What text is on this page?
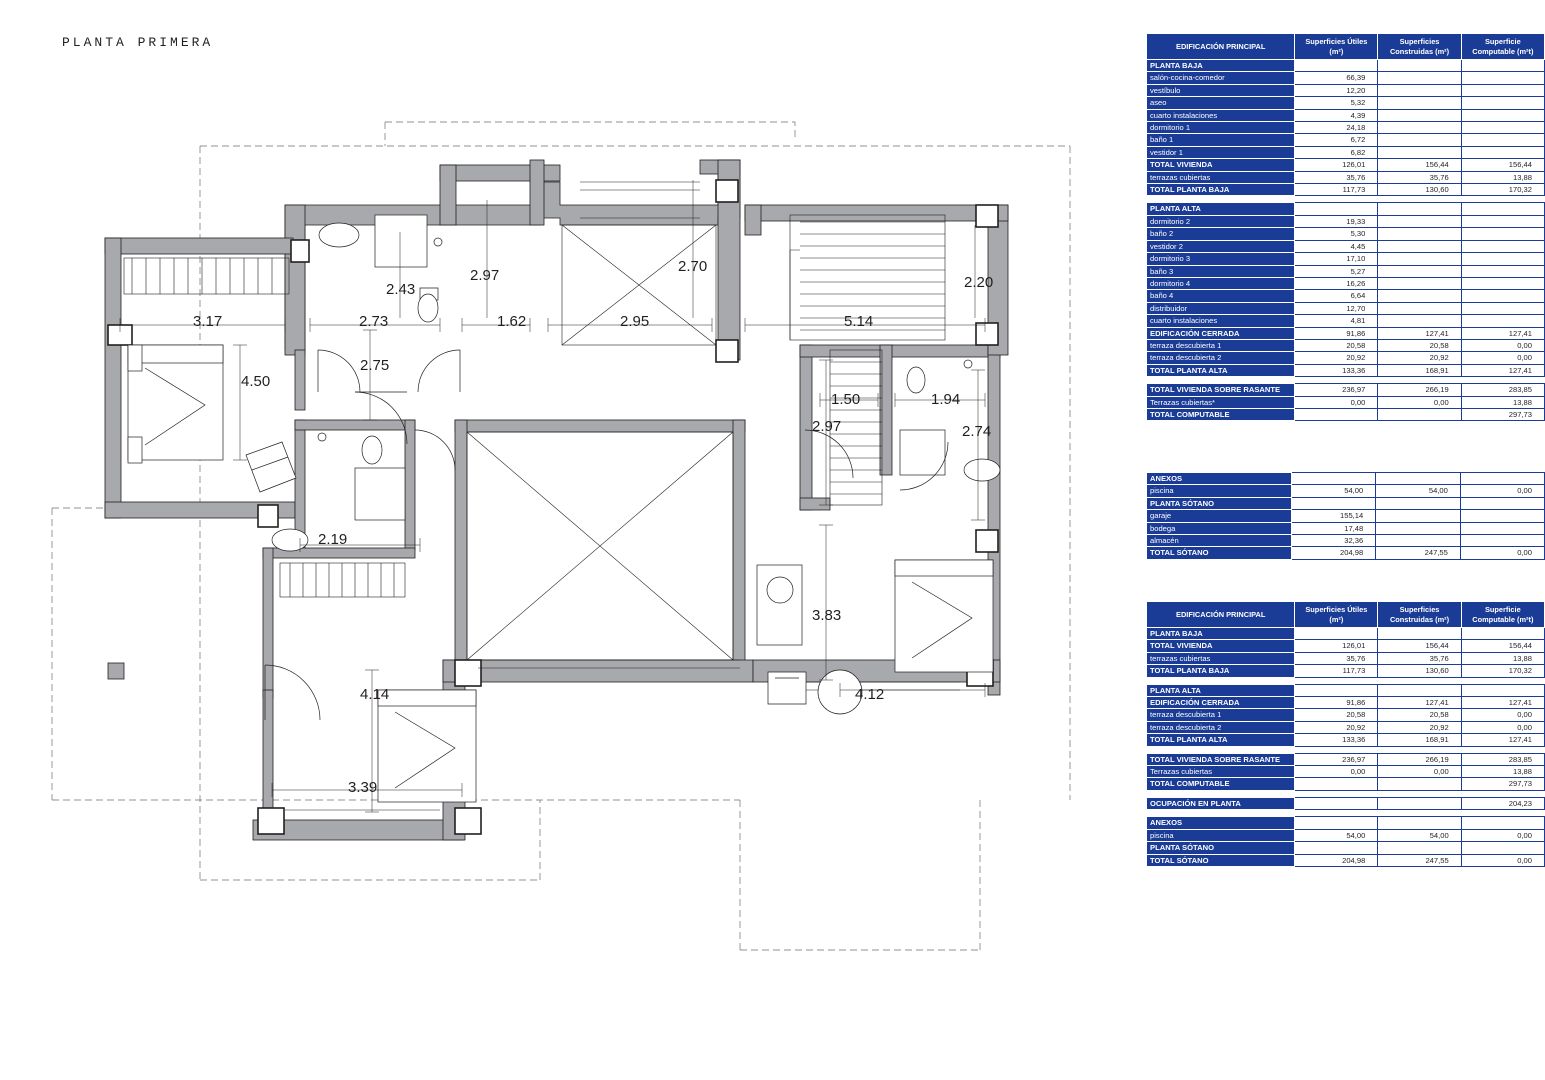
PLANTA PRIMERA
3.17	2.73
2.43
2.97
1.62	2.95
2.70
5.14
2.20
4.50
2.75
2.19
1.50	1.94
2.97	2.74
3.83
4.14	4.12
3.39
EDIFICACIÓN PRINCIPAL	Superficies Útiles (m²)	Superficies Construidas (m²)	Superficie Computable (m²t)
PLANTA BAJA			
salón-cocina-comedor	66,39		
vestíbulo	12,20		
aseo	5,32		
cuarto instalaciones	4,39		
dormitorio 1	24,18		
baño 1	6,72		
vestidor 1	6,82		
TOTAL VIVIENDA	126,01	156,44	156,44
terrazas cubiertas	35,76	35,76	13,88
TOTAL PLANTA BAJA	117,73	130,60	170,32

PLANTA ALTA			
dormitorio 2	19,33		
baño 2	5,30		
vestidor 2	4,45		
dormitorio 3	17,10		
baño 3	5,27		
dormitorio 4	16,26		
baño 4	6,64		
distribuidor	12,70		
cuarto instalaciones	4,81		
EDIFICACIÓN CERRADA	91,86	127,41	127,41
terraza descubierta 1	20,58	20,58	0,00
terraza descubierta 2	20,92	20,92	0,00
TOTAL PLANTA ALTA	133,36	168,91	127,41

TOTAL VIVIENDA SOBRE RASANTE	236,97	266,19	283,85
Terrazas cubiertas*	0,00	0,00	13,88
TOTAL COMPUTABLE			297,73
ANEXOS			
piscina	54,00	54,00	0,00
PLANTA SÓTANO			
garaje	155,14		
bodega	17,48		
almacén	32,36		
TOTAL SÓTANO	204,98	247,55	0,00
EDIFICACIÓN PRINCIPAL	Superficies Útiles (m²)	Superficies Construidas (m²)	Superficie Computable (m²t)
PLANTA BAJA			
TOTAL VIVIENDA	126,01	156,44	156,44
terrazas cubiertas	35,76	35,76	13,88
TOTAL PLANTA BAJA	117,73	130,60	170,32

PLANTA ALTA			
EDIFICACIÓN CERRADA	91,86	127,41	127,41
terraza descubierta 1	20,58	20,58	0,00
terraza descubierta 2	20,92	20,92	0,00
TOTAL PLANTA ALTA	133,36	168,91	127,41

TOTAL VIVIENDA SOBRE RASANTE	236,97	266,19	283,85
Terrazas cubiertas	0,00	0,00	13,88
TOTAL COMPUTABLE			297,73

OCUPACIÓN EN PLANTA			204,23

ANEXOS			
piscina	54,00	54,00	0,00
PLANTA SÓTANO			
TOTAL SÓTANO	204,98	247,55	0,00
